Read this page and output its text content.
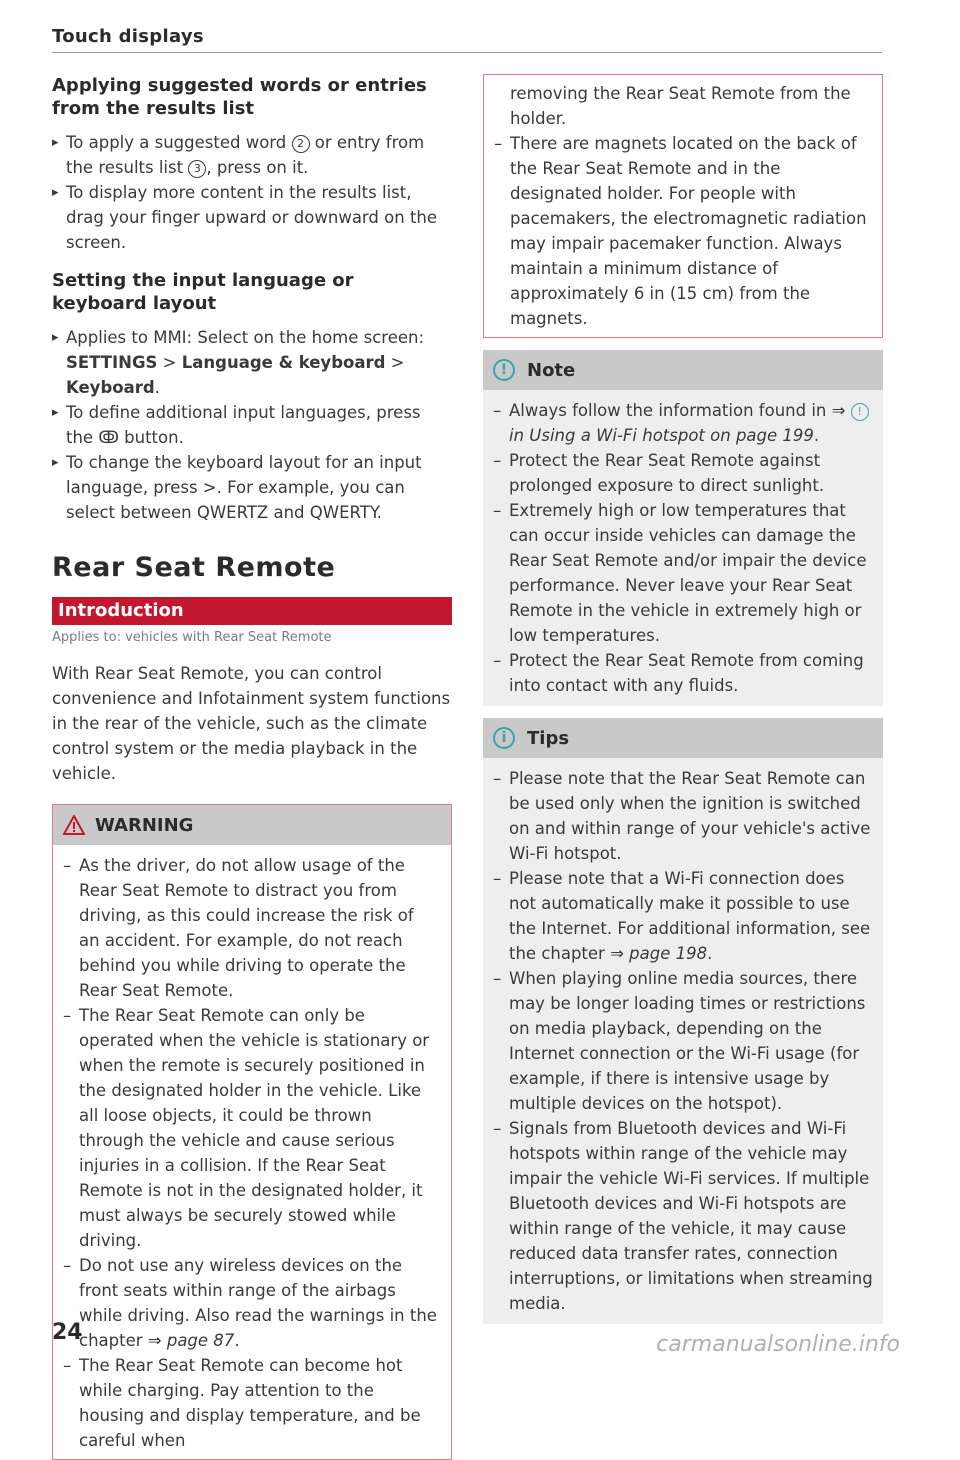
Touch displays
Applying suggested words or entries from the results list

▸ To apply a suggested word 2 or entry from the results list 3 , press on it.

▸ To display more content in the results list, drag your finger upward or downward on the screen.

Setting the input language or keyboard layout

▸ Applies to MMI: Select on the home screen: SETTINGS > Language & keyboard > Keyboard.

▸ To define additional input languages, press the ↂ button.

▸ To change the keyboard layout for an input language, press >. For example, you can select between QWERTZ and QWERTY.

Rear Seat Remote
Introduction
Applies to: vehicles with Rear Seat Remote

With Rear Seat Remote, you can control convenience and Infotainment system functions in the rear of the vehicle, such as the climate control system or the media playback in the vehicle.

WARNING

– As the driver, do not allow usage of the Rear Seat Remote to distract you from driving, as this could increase the risk of an accident. For example, do not reach behind you while driving to operate the Rear Seat Remote.

– The Rear Seat Remote can only be operated when the vehicle is stationary or when the remote is securely positioned in the designated holder in the vehicle. Like all loose objects, it could be thrown through the vehicle and cause serious injuries in a collision. If the Rear Seat Remote is not in the designated holder, it must always be securely stowed while driving.

– Do not use any wireless devices on the front seats within range of the airbags while driving. Also read the warnings in the chapter ⇒ page 87.

– The Rear Seat Remote can become hot while charging. Pay attention to the housing and display temperature, and be careful when

removing the Rear Seat Remote from the holder.

– There are magnets located on the back of the Rear Seat Remote and in the designated holder. For people with pacemakers, the electromagnetic radiation may impair pacemaker function. Always maintain a minimum distance of approximately 6 in (15 cm) from the magnets.

!	Note

– Always follow the information found in ⇒ ! in Using a Wi-Fi hotspot on page 199.

– Protect the Rear Seat Remote against prolonged exposure to direct sunlight.

– Extremely high or low temperatures that can occur inside vehicles can damage the Rear Seat Remote and/or impair the device performance. Never leave your Rear Seat Remote in the vehicle in extremely high or low temperatures.

– Protect the Rear Seat Remote from coming into contact with any fluids.

i	Tips

– Please note that the Rear Seat Remote can be used only when the ignition is switched on and within range of your vehicle's active Wi-Fi hotspot.

– Please note that a Wi-Fi connection does not automatically make it possible to use the Internet. For additional information, see the chapter ⇒ page 198.

– When playing online media sources, there may be longer loading times or restrictions on media playback, depending on the Internet connection or the Wi-Fi usage (for example, if there is intensive usage by multiple devices on the hotspot).

– Signals from Bluetooth devices and Wi-Fi hotspots within range of the vehicle may impair the vehicle Wi-Fi services. If multiple Bluetooth devices and Wi-Fi hotspots are within range of the vehicle, it may cause reduced data transfer rates, connection interruptions, or limitations when streaming media.

24	carmanualsonline.info
